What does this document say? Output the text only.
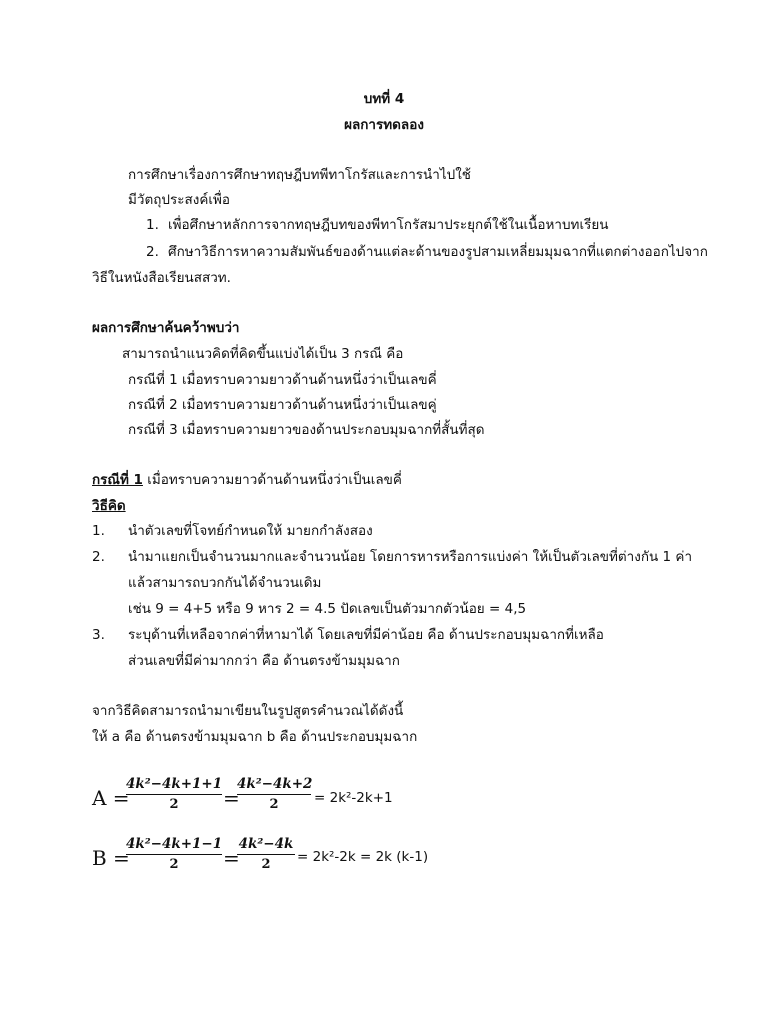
บทที่ 4
ผลการทดลอง
การศึกษาเรื่องการศึกษาทฤษฎีบทพีทาโกรัสและการนำไปใช้
มีวัตถุประสงค์เพื่อ
1. เพื่อศึกษาหลักการจากทฤษฎีบทของพีทาโกรัสมาประยุกต์ใช้ในเนื้อหาบทเรียน
2. ศึกษาวิธีการหาความสัมพันธ์ของด้านแต่ละด้านของรูปสามเหลี่ยมมุมฉากที่แตกต่างออกไปจาก
วิธีในหนังสือเรียนสสวท.
ผลการศึกษาค้นคว้าพบว่า
สามารถนำแนวคิดที่คิดขึ้นแบ่งได้เป็น 3 กรณี คือ
กรณีที่ 1 เมื่อทราบความยาวด้านด้านหนึ่งว่าเป็นเลขคี่
กรณีที่ 2 เมื่อทราบความยาวด้านด้านหนึ่งว่าเป็นเลขคู่
กรณีที่ 3 เมื่อทราบความยาวของด้านประกอบมุมฉากที่สั้นที่สุด
กรณีที่ 1 เมื่อทราบความยาวด้านด้านหนึ่งว่าเป็นเลขคี่
วิธีคิด
1. นำตัวเลขที่โจทย์กำหนดให้ มายกกำลังสอง
2. นำมาแยกเป็นจำนวนมากและจำนวนน้อย โดยการหารหรือการแบ่งค่า ให้เป็นตัวเลขที่ต่างกัน 1 ค่า
แล้วสามารถบวกกันได้จำนวนเดิม
เช่น 9 = 4+5 หรือ 9 หาร 2 = 4.5 ปัดเลขเป็นตัวมากตัวน้อย = 4,5
3. ระบุด้านที่เหลือจากค่าที่หามาได้ โดยเลขที่มีค่าน้อย คือ ด้านประกอบมุมฉากที่เหลือ
ส่วนเลขที่มีค่ามากกว่า คือ ด้านตรงข้ามมุมฉาก
จากวิธีคิดสามารถนำมาเขียนในรูปสูตรคำนวณได้ดังนี้
ให้ a คือ ด้านตรงข้ามมุมฉาก b คือ ด้านประกอบมุมฉาก
A =
4k²−4k+1+1
2	=
4k²−4k+2
2	= 2k²-2k+1
B =
4k²−4k+1−1
2	=
4k²−4k
2	= 2k²-2k = 2k (k-1)
